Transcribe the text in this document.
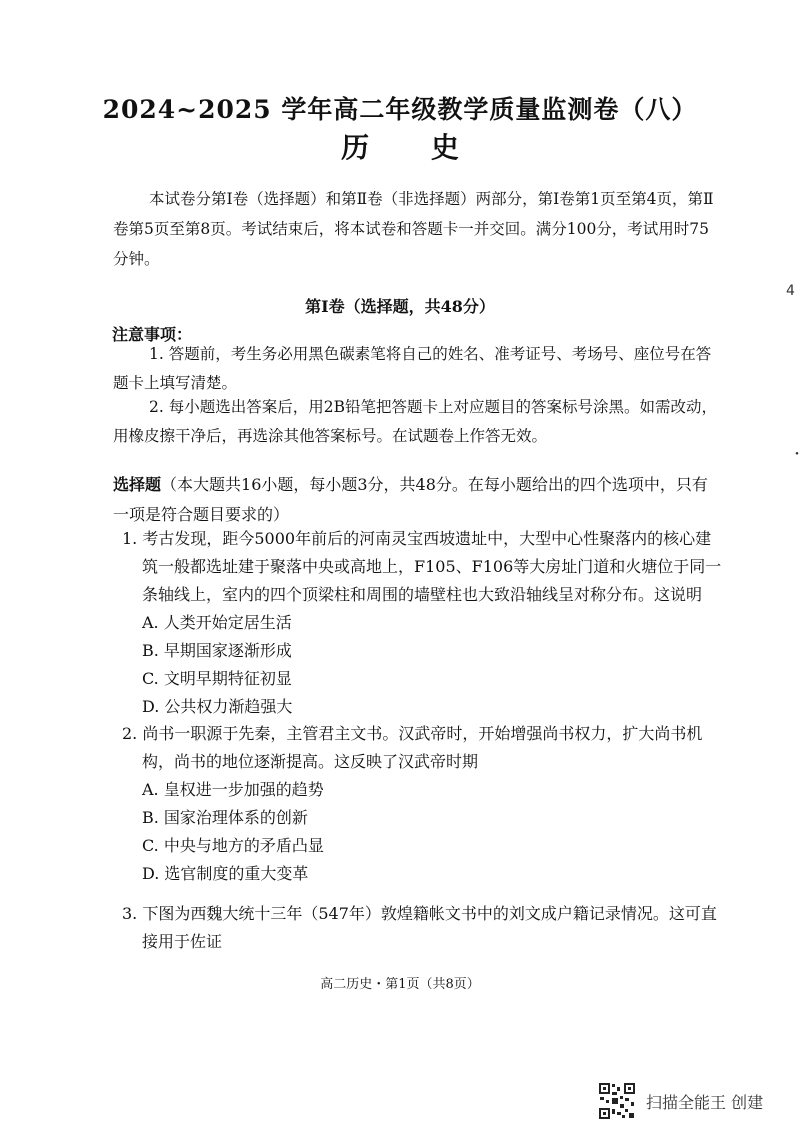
2024~2025 学年高二年级教学质量监测卷（八）
历 史

本试卷分第Ⅰ卷（选择题）和第Ⅱ卷（非选择题）两部分，第Ⅰ卷第1页至第4页，第Ⅱ卷第5页至第8页。考试结束后，将本试卷和答题卡一并交回。满分100分，考试用时75分钟。

第Ⅰ卷（选择题，共48分）
注意事项：

1. 答题前，考生务必用黑色碳素笔将自己的姓名、准考证号、考场号、座位号在答题卡上填写清楚。

2. 每小题选出答案后，用2B铅笔把答题卡上对应题目的答案标号涂黑。如需改动，用橡皮擦干净后，再选涂其他答案标号。在试题卷上作答无效。

选择题（本大题共16小题，每小题3分，共48分。在每小题给出的四个选项中，只有一项是符合题目要求的）

1. 考古发现，距今5000年前后的河南灵宝西坡遗址中，大型中心性聚落内的核心建筑一般都选址建于聚落中央或高地上，F105、F106等大房址门道和火塘位于同一条轴线上，室内的四个顶梁柱和周围的墙壁柱也大致沿轴线呈对称分布。这说明

A. 人类开始定居生活

B. 早期国家逐渐形成

C. 文明早期特征初显

D. 公共权力渐趋强大

2. 尚书一职源于先秦，主管君主文书。汉武帝时，开始增强尚书权力，扩大尚书机构，尚书的地位逐渐提高。这反映了汉武帝时期

A. 皇权进一步加强的趋势

B. 国家治理体系的创新

C. 中央与地方的矛盾凸显

D. 选官制度的重大变革

3. 下图为西魏大统十三年（547年）敦煌籍帐文书中的刘文成户籍记录情况。这可直接用于佐证

高二历史・第1页（共8页）
4
・
扫描全能王 创建
